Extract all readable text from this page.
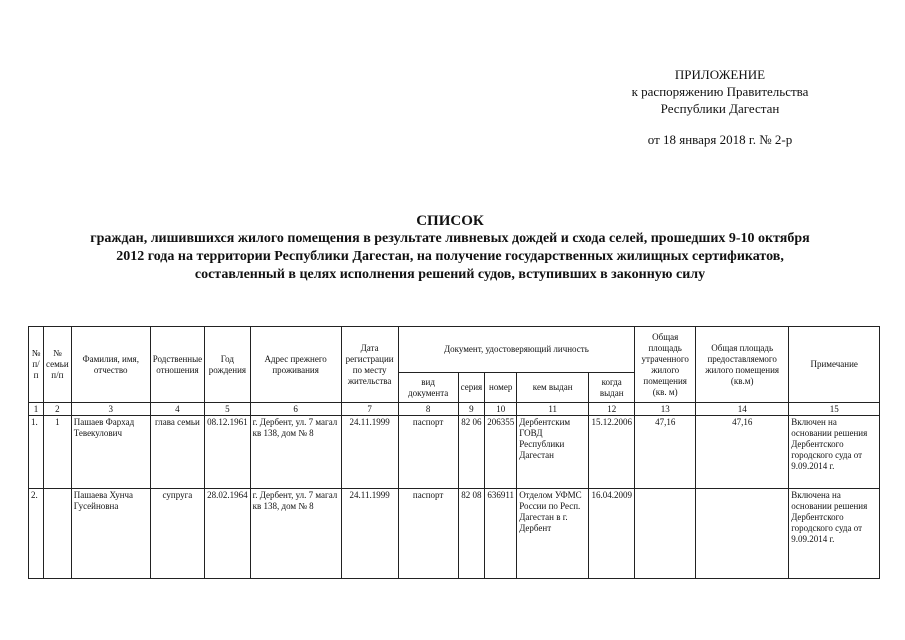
ПРИЛОЖЕНИЕ
к распоряжению Правительства
Республики Дагестан
от 18 января 2018 г. № 2-р
СПИСОК
граждан, лишившихся жилого помещения в результате ливневых дождей и схода селей, прошедших 9-10 октября
2012 года на территории Республики Дагестан, на получение государственных жилищных сертификатов,
составленный в целях исполнения решений судов, вступивших в законную силу
№ п/п	№ семьи п/п	Фамилия, имя, отчество	Родственные отношения	Год рождения	Адрес прежнего проживания	Дата регистрации по месту жительства	Документ, удостоверяющий личность					Общая площадь утраченного жилого помещения (кв. м)	Общая площадь предоставляемого жилого помещения (кв.м)	Примечание
							вид документа	серия	номер	кем выдан	когда выдан			
1	2	3	4	5	6	7	8	9	10	11	12	13	14	15
1.	1	Пашаев Фархад Тевекулович	глава семьи	08.12.1961	г. Дербент, ул. 7 магал кв 138, дом № 8	24.11.1999	паспорт	82 06	206355	Дербентским ГОВД Республики Дагестан	15.12.2006	47,16	47,16	Включен на основании решения Дербентского городского суда от 9.09.2014 г.
2.		Пашаева Хунча Гусейновна	супруга	28.02.1964	г. Дербент, ул. 7 магал кв 138, дом № 8	24.11.1999	паспорт	82 08	636911	Отделом УФМС России по Респ. Дагестан в г. Дербент	16.04.2009			Включена на основании решения Дербентского городского суда от 9.09.2014 г.
